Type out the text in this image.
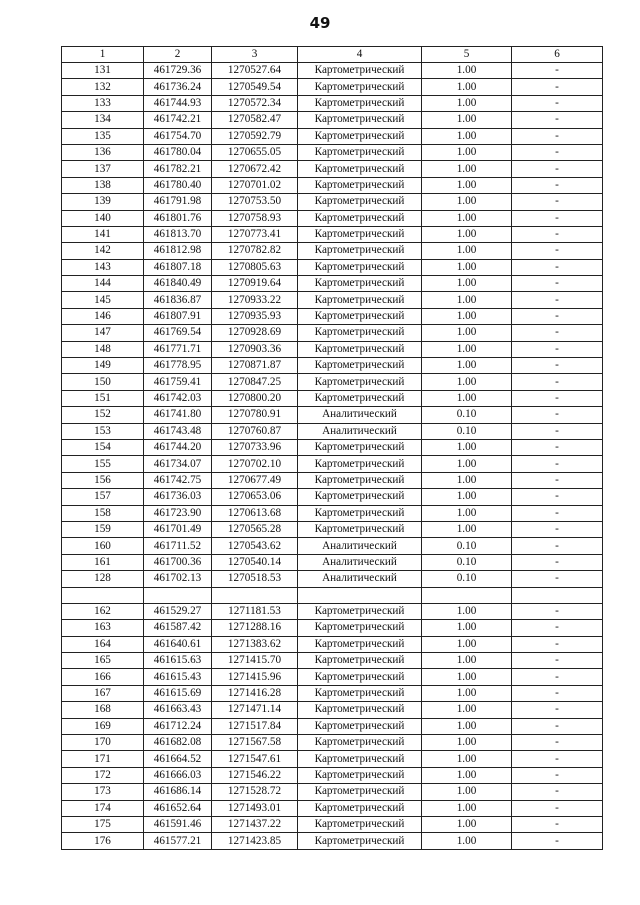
49
1	2	3	4	5	6
131	461729.36	1270527.64	Картометрический	1.00	-
132	461736.24	1270549.54	Картометрический	1.00	-
133	461744.93	1270572.34	Картометрический	1.00	-
134	461742.21	1270582.47	Картометрический	1.00	-
135	461754.70	1270592.79	Картометрический	1.00	-
136	461780.04	1270655.05	Картометрический	1.00	-
137	461782.21	1270672.42	Картометрический	1.00	-
138	461780.40	1270701.02	Картометрический	1.00	-
139	461791.98	1270753.50	Картометрический	1.00	-
140	461801.76	1270758.93	Картометрический	1.00	-
141	461813.70	1270773.41	Картометрический	1.00	-
142	461812.98	1270782.82	Картометрический	1.00	-
143	461807.18	1270805.63	Картометрический	1.00	-
144	461840.49	1270919.64	Картометрический	1.00	-
145	461836.87	1270933.22	Картометрический	1.00	-
146	461807.91	1270935.93	Картометрический	1.00	-
147	461769.54	1270928.69	Картометрический	1.00	-
148	461771.71	1270903.36	Картометрический	1.00	-
149	461778.95	1270871.87	Картометрический	1.00	-
150	461759.41	1270847.25	Картометрический	1.00	-
151	461742.03	1270800.20	Картометрический	1.00	-
152	461741.80	1270780.91	Аналитический	0.10	-
153	461743.48	1270760.87	Аналитический	0.10	-
154	461744.20	1270733.96	Картометрический	1.00	-
155	461734.07	1270702.10	Картометрический	1.00	-
156	461742.75	1270677.49	Картометрический	1.00	-
157	461736.03	1270653.06	Картометрический	1.00	-
158	461723.90	1270613.68	Картометрический	1.00	-
159	461701.49	1270565.28	Картометрический	1.00	-
160	461711.52	1270543.62	Аналитический	0.10	-
161	461700.36	1270540.14	Аналитический	0.10	-
128	461702.13	1270518.53	Аналитический	0.10	-

162	461529.27	1271181.53	Картометрический	1.00	-
163	461587.42	1271288.16	Картометрический	1.00	-
164	461640.61	1271383.62	Картометрический	1.00	-
165	461615.63	1271415.70	Картометрический	1.00	-
166	461615.43	1271415.96	Картометрический	1.00	-
167	461615.69	1271416.28	Картометрический	1.00	-
168	461663.43	1271471.14	Картометрический	1.00	-
169	461712.24	1271517.84	Картометрический	1.00	-
170	461682.08	1271567.58	Картометрический	1.00	-
171	461664.52	1271547.61	Картометрический	1.00	-
172	461666.03	1271546.22	Картометрический	1.00	-
173	461686.14	1271528.72	Картометрический	1.00	-
174	461652.64	1271493.01	Картометрический	1.00	-
175	461591.46	1271437.22	Картометрический	1.00	-
176	461577.21	1271423.85	Картометрический	1.00	-
